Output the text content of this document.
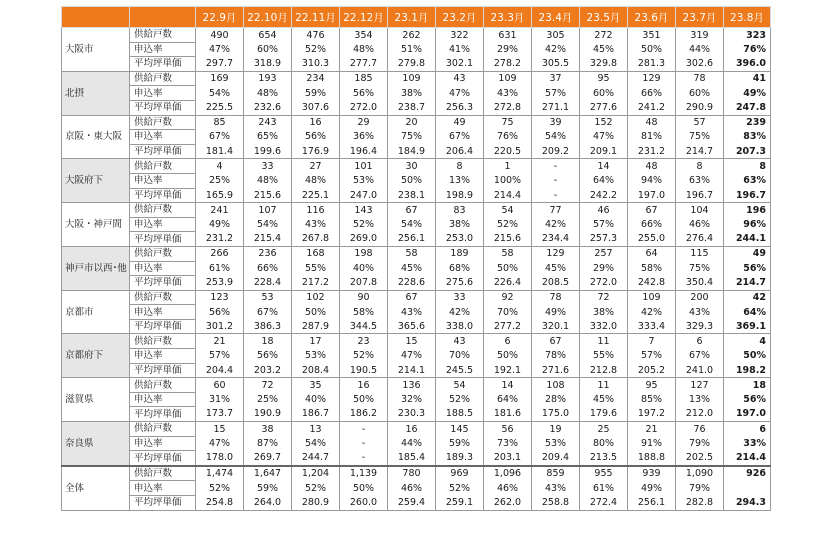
		22.9月	22.10月	22.11月	22.12月	23.1月	23.2月	23.3月	23.4月	23.5月	23.6月	23.7月	23.8月
大阪市	供給戸数	490	654	476	354	262	322	631	305	272	351	319	323
	申込率	47%	60%	52%	48%	51%	41%	29%	42%	45%	50%	44%	76%
	平均坪単価	297.7	318.9	310.3	277.7	279.8	302.1	278.2	305.5	329.8	281.3	302.6	396.0
北摂	供給戸数	169	193	234	185	109	43	109	37	95	129	78	41
	申込率	54%	48%	59%	56%	38%	47%	43%	57%	60%	66%	60%	49%
	平均坪単価	225.5	232.6	307.6	272.0	238.7	256.3	272.8	271.1	277.6	241.2	290.9	247.8
京阪・東大阪	供給戸数	85	243	16	29	20	49	75	39	152	48	57	239
	申込率	67%	65%	56%	36%	75%	67%	76%	54%	47%	81%	75%	83%
	平均坪単価	181.4	199.6	176.9	196.4	184.9	206.4	220.5	209.2	209.1	231.2	214.7	207.3
大阪府下	供給戸数	4	33	27	101	30	8	1	-	14	48	8	8
	申込率	25%	48%	48%	53%	50%	13%	100%	-	64%	94%	63%	63%
	平均坪単価	165.9	215.6	225.1	247.0	238.1	198.9	214.4	-	242.2	197.0	196.7	196.7
大阪・神戸間	供給戸数	241	107	116	143	67	83	54	77	46	67	104	196
	申込率	49%	54%	43%	52%	54%	38%	52%	42%	57%	66%	46%	96%
	平均坪単価	231.2	215.4	267.8	269.0	256.1	253.0	215.6	234.4	257.3	255.0	276.4	244.1
神戸市以西･他	供給戸数	266	236	168	198	58	189	58	129	257	64	115	49
	申込率	61%	66%	55%	40%	45%	68%	50%	45%	29%	58%	75%	56%
	平均坪単価	253.9	228.4	217.2	207.8	228.6	275.6	226.4	208.5	272.0	242.8	350.4	214.7
京都市	供給戸数	123	53	102	90	67	33	92	78	72	109	200	42
	申込率	56%	67%	50%	58%	43%	42%	70%	49%	38%	42%	43%	64%
	平均坪単価	301.2	386.3	287.9	344.5	365.6	338.0	277.2	320.1	332.0	333.4	329.3	369.1
京都府下	供給戸数	21	18	17	23	15	43	6	67	11	7	6	4
	申込率	57%	56%	53%	52%	47%	70%	50%	78%	55%	57%	67%	50%
	平均坪単価	204.4	203.2	208.4	190.5	214.1	245.5	192.1	271.6	212.8	205.2	241.0	198.2
滋賀県	供給戸数	60	72	35	16	136	54	14	108	11	95	127	18
	申込率	31%	25%	40%	50%	32%	52%	64%	28%	45%	85%	13%	56%
	平均坪単価	173.7	190.9	186.7	186.2	230.3	188.5	181.6	175.0	179.6	197.2	212.0	197.0
奈良県	供給戸数	15	38	13	-	16	145	56	19	25	21	76	6
	申込率	47%	87%	54%	-	44%	59%	73%	53%	80%	91%	79%	33%
	平均坪単価	178.0	269.7	244.7	-	185.4	189.3	203.1	209.4	213.5	188.8	202.5	214.4
全体	供給戸数	1,474	1,647	1,204	1,139	780	969	1,096	859	955	939	1,090	926
	申込率	52%	59%	52%	50%	46%	52%	46%	43%	61%	49%	79%	
	平均坪単価	254.8	264.0	280.9	260.0	259.4	259.1	262.0	258.8	272.4	256.1	282.8	294.3
